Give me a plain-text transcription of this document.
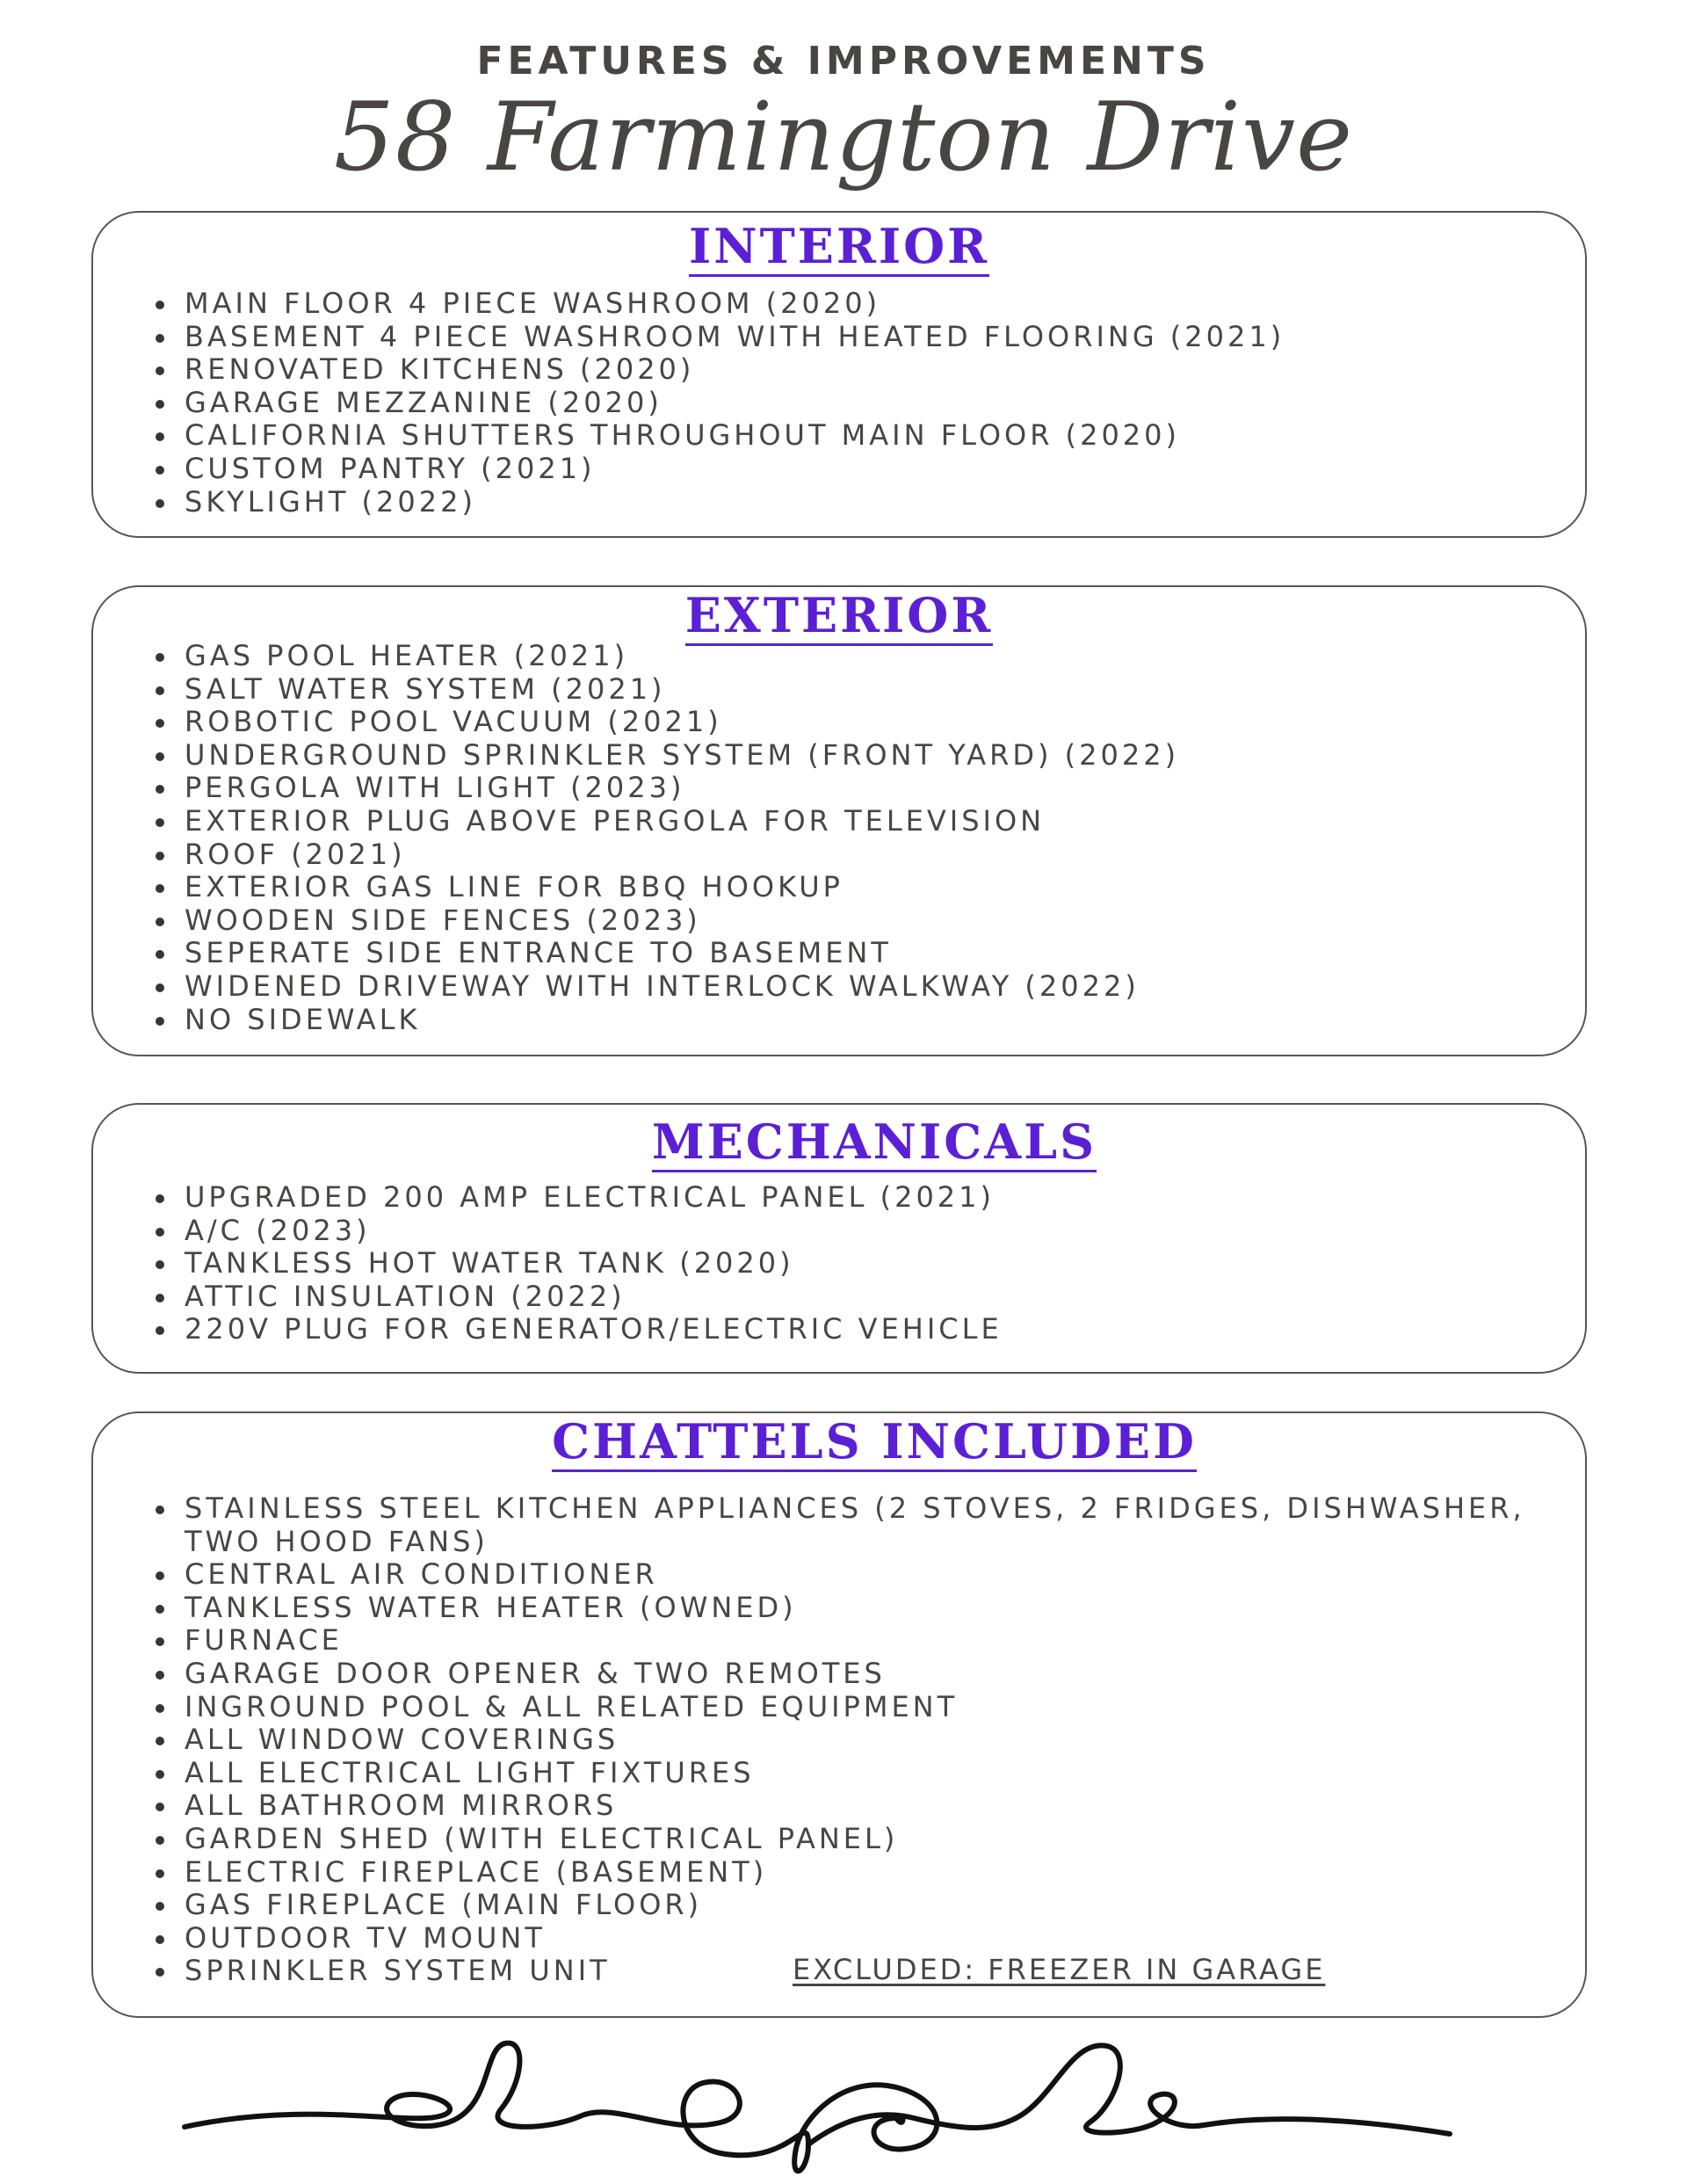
FEATURES & IMPROVEMENTS
58 Farmington Drive
INTERIOR
MAIN FLOOR 4 PIECE WASHROOM (2020)
BASEMENT 4 PIECE WASHROOM WITH HEATED FLOORING (2021)
RENOVATED KITCHENS (2020)
GARAGE MEZZANINE (2020)
CALIFORNIA SHUTTERS THROUGHOUT MAIN FLOOR (2020)
CUSTOM PANTRY (2021)
SKYLIGHT (2022)
EXTERIOR
GAS POOL HEATER (2021)
SALT WATER SYSTEM (2021)
ROBOTIC POOL VACUUM (2021)
UNDERGROUND SPRINKLER SYSTEM (FRONT YARD) (2022)
PERGOLA WITH LIGHT (2023)
EXTERIOR PLUG ABOVE PERGOLA FOR TELEVISION
ROOF (2021)
EXTERIOR GAS LINE FOR BBQ HOOKUP
WOODEN SIDE FENCES (2023)
SEPERATE SIDE ENTRANCE TO BASEMENT
WIDENED DRIVEWAY WITH INTERLOCK WALKWAY (2022)
NO SIDEWALK
MECHANICALS
UPGRADED 200 AMP ELECTRICAL PANEL (2021)
A/C (2023)
TANKLESS HOT WATER TANK (2020)
ATTIC INSULATION (2022)
220V PLUG FOR GENERATOR/ELECTRIC VEHICLE
CHATTELS INCLUDED
STAINLESS STEEL KITCHEN APPLIANCES (2 STOVES, 2 FRIDGES, DISHWASHER,
TWO HOOD FANS)
CENTRAL AIR CONDITIONER
TANKLESS WATER HEATER (OWNED)
FURNACE
GARAGE DOOR OPENER & TWO REMOTES
INGROUND POOL & ALL RELATED EQUIPMENT
ALL WINDOW COVERINGS
ALL ELECTRICAL LIGHT FIXTURES
ALL BATHROOM MIRRORS
GARDEN SHED (WITH ELECTRICAL PANEL)
ELECTRIC FIREPLACE (BASEMENT)
GAS FIREPLACE (MAIN FLOOR)
OUTDOOR TV MOUNT
SPRINKLER SYSTEM UNIT	EXCLUDED: FREEZER IN GARAGE
